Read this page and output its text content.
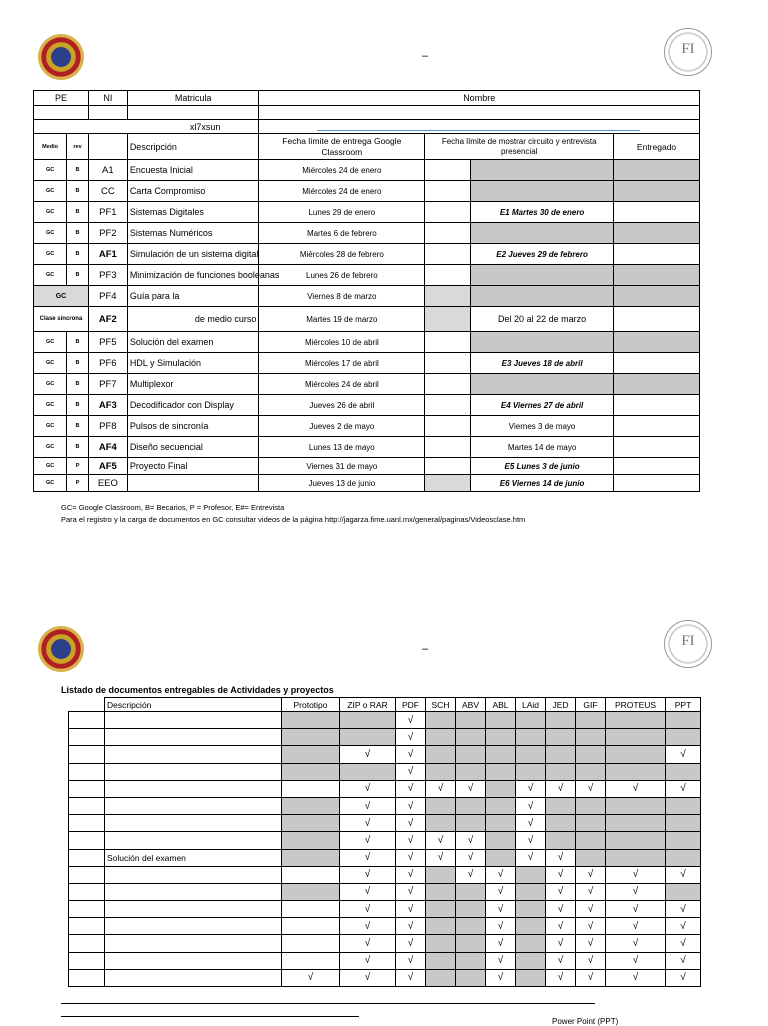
FI
–
PE		NI	Matricula	Nombre			

xl7xsun							
Medio	rev		Descripción	Fecha límite de entrega Google Classroom	Fecha límite de mostrar circuito y entrevista presencial		Entregado
GC	B	A1	Encuesta Inicial	Miércoles 24 de enero			
GC	B	CC	Carta Compromiso	Miércoles 24 de enero			
GC	B	PF1	Sistemas Digitales	Lunes 29 de enero		E1 Martes 30 de enero	
GC	B	PF2	Sistemas Numéricos	Martes 6 de febrero			
GC	B	AF1	Simulación de un sistema digital	Miércoles 28 de febrero		E2 Jueves 29 de febrero	
GC	B	PF3	Minimización de funciones booleanas	Lunes 26 de febrero			
GC		PF4	Guía para la	Viernes 8 de marzo			
Clase síncrona		AF2	de medio curso	Martes 19 de marzo		Del 20 al 22 de marzo	
GC	B	PF5	Solución del examen	Miércoles 10 de abril			
GC	B	PF6	HDL y Simulación	Miércoles 17 de abril		E3 Jueves 18 de abril	
GC	B	PF7	Multiplexor	Miércoles 24 de abril			
GC	B	AF3	Decodificador con Display	Jueves 26 de abril		E4 Viernes 27 de abril	
GC	B	PF8	Pulsos de sincronía	Jueves 2 de mayo		Viernes 3 de mayo	
GC	B	AF4	Diseño secuencial	Lunes 13 de mayo		Martes 14 de mayo	
GC	P	AF5	Proyecto Final	Viernes 31 de mayo		E5 Lunes 3 de junio	
GC	P	EEO		Jueves 13 de junio		E6 Viernes 14 de junio	
GC= Google Classroom, B= Becarios, P = Profesor, E#= Entrevista
Para el registro y la carga de documentos en GC consultar videos de la página http://jagarza.fime.uanl.mx/general/paginas/Videosclase.htm
FI
–
Listado de documentos entregables de Actividades y proyectos
	Descripción	Prototipo	ZIP o RAR	PDF	SCH	ABV	ABL	LAid	JED	GIF	PROTEUS	PPT
				√								
				√								
			√	√								√
				√								
			√	√	√	√		√	√	√	√	√
			√	√				√				
			√	√				√				
			√	√	√	√		√				
	Solución del examen		√	√	√	√		√	√			
			√	√		√	√		√	√	√	√
			√	√			√		√	√	√	
			√	√			√		√	√	√	√
			√	√			√		√	√	√	√
			√	√			√		√	√	√	√
			√	√			√		√	√	√	√
		√	√	√			√		√	√	√	√
Power Point (PPT)
